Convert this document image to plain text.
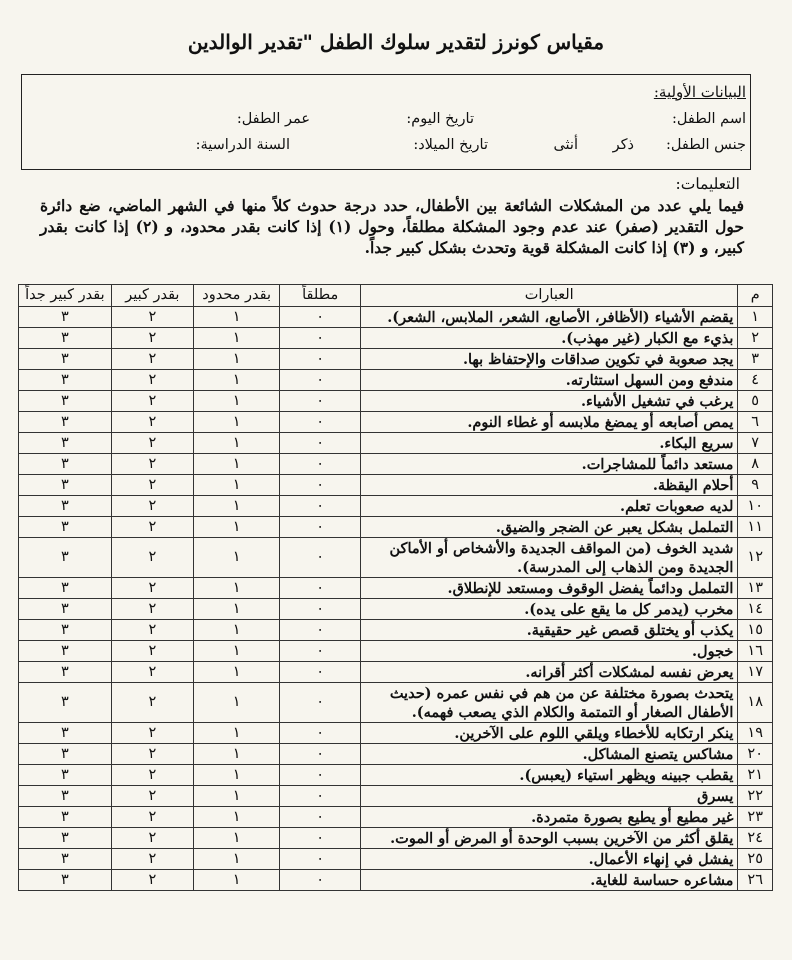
مقياس كونرز لتقدير سلوك الطفل "تقدير الوالدين
البيانات الأولية:
اسم الطفل:
تاريخ اليوم:
عمر الطفل:
جنس الطفل:
ذكر
أنثى
تاريخ الميلاد:
السنة الدراسية:
التعليمات:
فيما يلي عدد من المشكلات الشائعة بين الأطفال، حدد درجة حدوث كلاً منها في الشهر الماضي، ضع دائرة حول التقدير (صفر) عند عدم وجود المشكلة مطلقاً، وحول (١) إذا كانت بقدر محدود، و (٢) إذا كانت بقدر كبير، و (٣) إذا كانت المشكلة قوية وتحدث بشكل كبير جداً.
م	العبارات	مطلقاً	بقدر محدود	بقدر كبير	بقدر كبير جداً
١	يقضم الأشياء (الأظافر، الأصابع، الشعر، الملابس، الشعر).	٠	١	٢	٣
٢	بذيء مع الكبار (غير مهذب).	٠	١	٢	٣
٣	يجد صعوبة في تكوين صداقات والإحتفاظ بها.	٠	١	٢	٣
٤	مندفع ومن السهل استثارته.	٠	١	٢	٣
٥	يرغب في تشغيل الأشياء.	٠	١	٢	٣
٦	يمص أصابعه أو يمضغ ملابسه أو غطاء النوم.	٠	١	٢	٣
٧	سريع البكاء.	٠	١	٢	٣
٨	مستعد دائماً للمشاجرات.	٠	١	٢	٣
٩	أحلام اليقظة.	٠	١	٢	٣
١٠	لديه صعوبات تعلم.	٠	١	٢	٣
١١	التململ بشكل يعبر عن الضجر والضيق.	٠	١	٢	٣
١٢	شديد الخوف (من المواقف الجديدة والأشخاص أو الأماكن الجديدة ومن الذهاب إلى المدرسة).	٠	١	٢	٣
١٣	التململ ودائماً يفضل الوقوف ومستعد للإنطلاق.	٠	١	٢	٣
١٤	مخرب (يدمر كل ما يقع على يده).	٠	١	٢	٣
١٥	يكذب أو يختلق قصص غير حقيقية.	٠	١	٢	٣
١٦	خجول.	٠	١	٢	٣
١٧	يعرض نفسه لمشكلات أكثر أقرانه.	٠	١	٢	٣
١٨	يتحدث بصورة مختلفة عن من هم في نفس عمره (حديث الأطفال الصغار أو التمتمة والكلام الذي يصعب فهمه).	٠	١	٢	٣
١٩	ينكر ارتكابه للأخطاء ويلقي اللوم على الآخرين.	٠	١	٢	٣
٢٠	مشاكس يتصنع المشاكل.	٠	١	٢	٣
٢١	يقطب جبينه ويظهر استياء (يعبس).	٠	١	٢	٣
٢٢	يسرق	٠	١	٢	٣
٢٣	غير مطيع أو يطيع بصورة متمردة.	٠	١	٢	٣
٢٤	يقلق أكثر من الآخرين بسبب الوحدة أو المرض أو الموت.	٠	١	٢	٣
٢٥	يفشل في إنهاء الأعمال.	٠	١	٢	٣
٢٦	مشاعره حساسة للغاية.	٠	١	٢	٣
